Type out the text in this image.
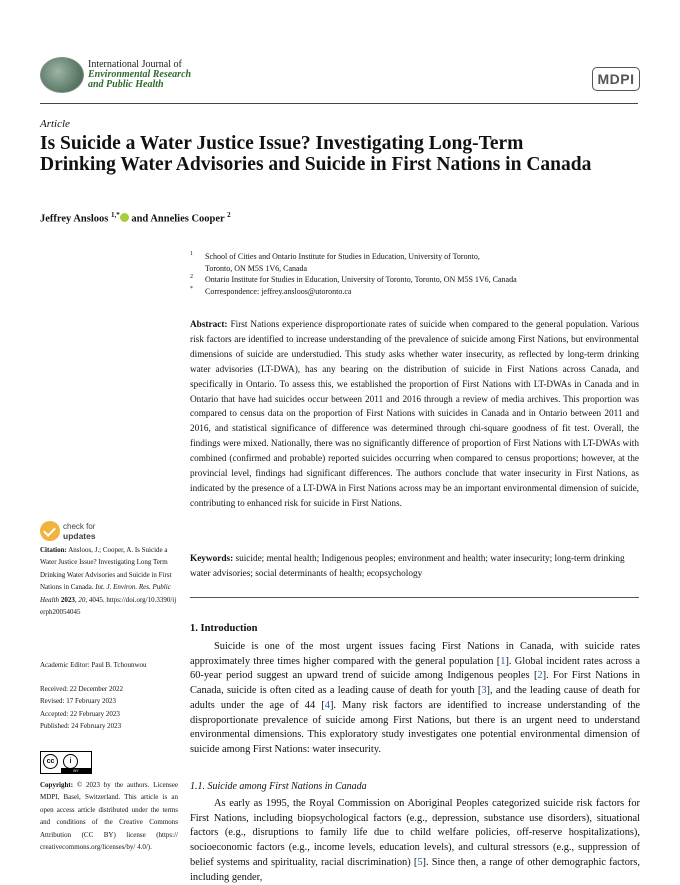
International Journal of
Environmental Research
and Public Health	MDPI
Article
Is Suicide a Water Justice Issue? Investigating Long-Term Drinking Water Advisories and Suicide in First Nations in Canada
Jeffrey Ansloos $^{1,*}$ and Annelies Cooper $^2$
1 School of Cities and Ontario Institute for Studies in Education, University of Toronto,
Toronto, ON M5S 1V6, Canada
2 Ontario Institute for Studies in Education, University of Toronto, Toronto, ON M5S 1V6, Canada
* Correspondence: jeffrey.ansloos@utoronto.ca
Abstract: First Nations experience disproportionate rates of suicide when compared to the general population. Various risk factors are identified to increase understanding of the prevalence of suicide among First Nations, but environmental dimensions of suicide are understudied. This study asks whether water insecurity, as reflected by long-term drinking water advisories (LT-DWA), has any bearing on the distribution of suicide in First Nations across Canada, and specifically in Ontario. To assess this, we established the proportion of First Nations with LT-DWAs in Canada and in Ontario that have had suicides occur between 2011 and 2016 through a review of media archives. This proportion was compared to census data on the proportion of First Nations with suicides in Canada and in Ontario between 2011 and 2016, and statistical significance of difference was determined through chi-square goodness of fit test. Overall, the findings were mixed. Nationally, there was no significantly difference of proportion of First Nations with LT-DWAs with combined (confirmed and probable) reported suicides occurring when compared to census proportions; however, at the provincial level, findings had significant differences. The authors conclude that water insecurity in First Nations, as indicated by the presence of a LT-DWA in First Nations across may be an important environmental dimension of suicide, contributing to enhanced risk for suicide in First Nations.
Keywords: suicide; mental health; Indigenous peoples; environment and health; water insecurity; long-term drinking water advisories; social determinants of health; ecopsychology
check for
updates
Citation: Ansloos, J.; Cooper, A. Is Suicide a Water Justice Issue? Investigating Long Term Drinking Water Advisories and Suicide in First Nations in Canada. Int. J. Environ. Res. Public Health 2023, 20, 4045. https://doi.org/10.3390/ijerph20054045
Academic Editor: Paul B. Tchounwou
Received: 22 December 2022
Revised: 17 February 2023
Accepted: 22 February 2023
Published: 24 February 2023
cc	i
BY
Copyright: © 2023 by the authors. Licensee MDPI, Basel, Switzerland. This article is an open access article distributed under the terms and conditions of the Creative Commons Attribution (CC BY) license (https:// creativecommons.org/licenses/by/ 4.0/).
1. Introduction
Suicide is one of the most urgent issues facing First Nations in Canada, with suicide rates approximately three times higher compared with the general population [1]. Global incident rates across a 60-year period suggest an upward trend of suicide among Indigenous peoples [2]. For First Nations in Canada, suicide is often cited as a leading cause of death for youth [3], and the leading cause of death for adults under the age of 44 [4]. Many risk factors are identified to increase understanding of the disproportionate prevalence of suicide among First Nations, but there is an urgent need to understand environmental dimensions. This exploratory study investigates one potential environmental dimension of suicide among First Nations: water insecurity.
1.1. Suicide among First Nations in Canada
As early as 1995, the Royal Commission on Aboriginal Peoples categorized suicide risk factors for First Nations, including biopsychological factors (e.g., depression, substance use disorders), situational factors (e.g., disruptions to family life due to child welfare policies, off-reserve hospitalizations), socioeconomic factors (e.g., income levels, education levels), and cultural stressors (e.g., suppression of belief systems and spirituality, racial discrimination) [5]. Since then, a range of other demographic factors, including gender,
